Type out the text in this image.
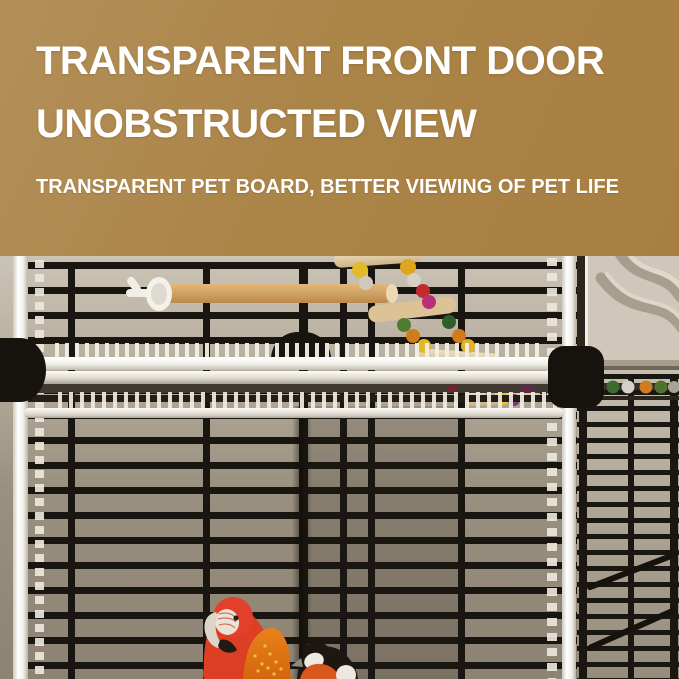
TRANSPARENT FRONT DOOR
UNOBSTRUCTED VIEW
TRANSPARENT PET BOARD, BETTER VIEWING OF PET LIFE
